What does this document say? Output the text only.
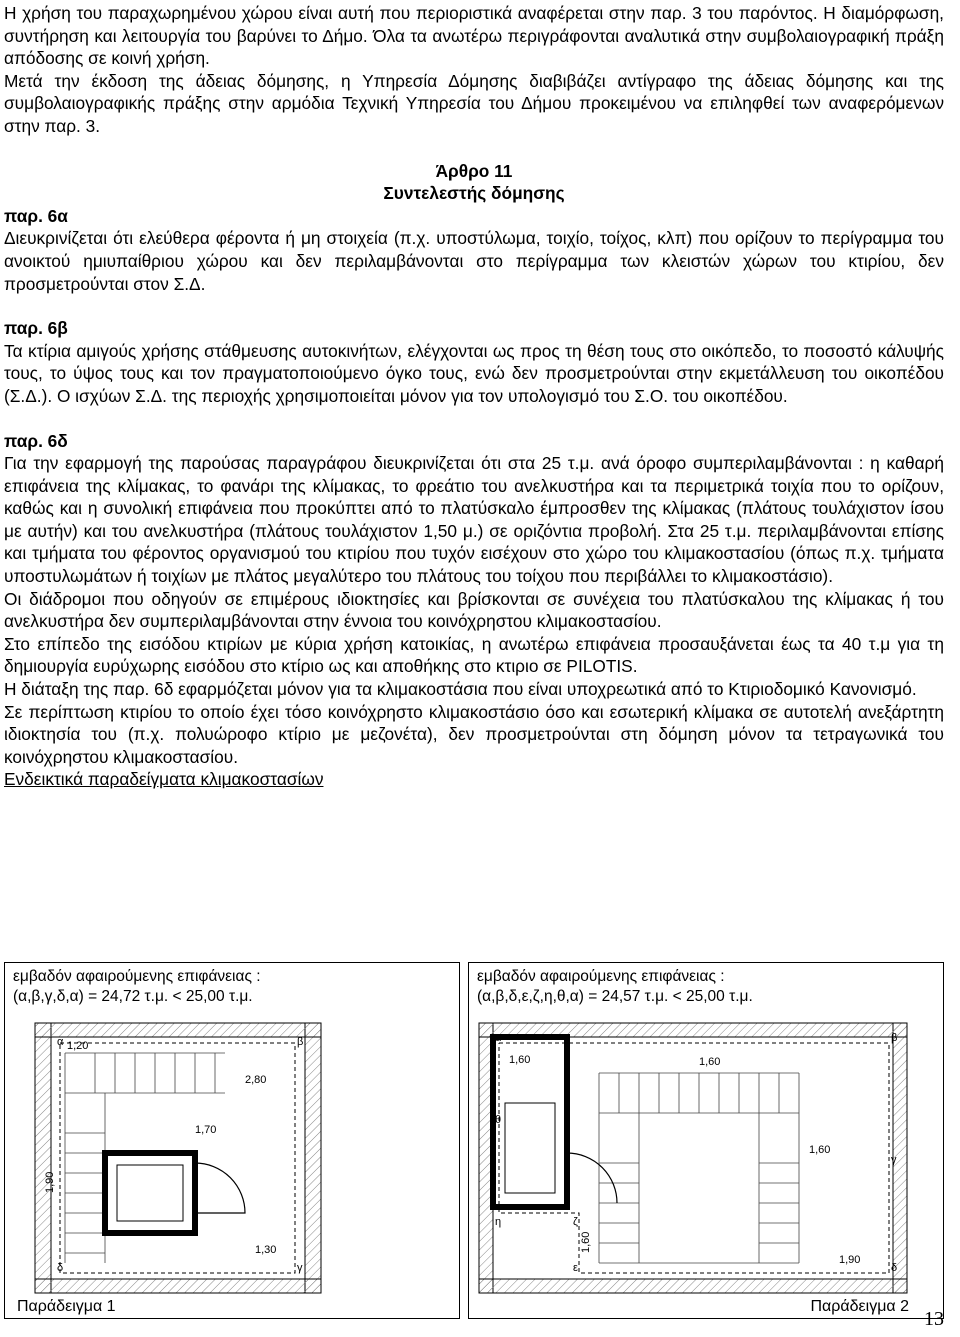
Η χρήση του παραχωρημένου χώρου είναι αυτή που περιοριστικά αναφέρεται στην παρ. 3 του παρόντος. Η διαμόρφωση, συντήρηση και λειτουργία του βαρύνει το Δήμο. Όλα τα ανωτέρω περιγράφονται αναλυτικά στην συμβολαιογραφική πράξη απόδοσης σε κοινή χρήση.

Μετά την έκδοση της άδειας δόμησης, η Υπηρεσία Δόμησης διαβιβάζει αντίγραφο της άδειας δόμησης και της συμβολαιογραφικής πράξης στην αρμόδια Τεχνική Υπηρεσία του Δήμου προκειμένου να επιληφθεί των αναφερόμενων στην παρ. 3.

Άρθρο 11
Συντελεστής δόμησης

παρ. 6α

Διευκρινίζεται ότι ελεύθερα φέροντα ή μη στοιχεία (π.χ. υποστύλωμα, τοιχίο, τοίχος, κλπ) που ορίζουν το περίγραμμα του ανοικτού ημιυπαίθριου χώρου και δεν περιλαμβάνονται στο περίγραμμα των κλειστών χώρων του κτιρίου, δεν προσμετρούνται στον Σ.Δ.

παρ. 6β

Τα κτίρια αμιγούς χρήσης στάθμευσης αυτοκινήτων, ελέγχονται ως προς τη θέση τους στο οικόπεδο, το ποσοστό κάλυψής τους, το ύψος τους και τον πραγματοποιούμενο όγκο τους, ενώ δεν προσμετρούνται στην εκμετάλλευση του οικοπέδου (Σ.Δ.). Ο ισχύων Σ.Δ. της περιοχής χρησιμοποιείται μόνον για τον υπολογισμό του Σ.Ο. του οικοπέδου.

παρ. 6δ

Για την εφαρμογή της παρούσας παραγράφου διευκρινίζεται ότι στα 25 τ.μ. ανά όροφο συμπεριλαμβάνονται : η καθαρή επιφάνεια της κλίμακας, το φανάρι της κλίμακας, το φρεάτιο του ανελκυστήρα και τα περιμετρικά τοιχία που το ορίζουν, καθώς και η συνολική επιφάνεια που προκύπτει από το πλατύσκαλο έμπροσθεν της κλίμακας (πλάτους τουλάχιστον ίσου με αυτήν) και του ανελκυστήρα (πλάτους τουλάχιστον 1,50 μ.) σε οριζόντια προβολή. Στα 25 τ.μ. περιλαμβάνονται επίσης και τμήματα του φέροντος οργανισμού του κτιρίου που τυχόν εισέχουν στο χώρο του κλιμακοστασίου (όπως π.χ. τμήματα υποστυλωμάτων ή τοιχίων με πλάτος μεγαλύτερο του πλάτους του τοίχου που περιβάλλει το κλιμακοστάσιο).

Οι διάδρομοι που οδηγούν σε επιμέρους ιδιοκτησίες και βρίσκονται σε συνέχεια του πλατύσκαλου της κλίμακας ή του ανελκυστήρα δεν συμπεριλαμβάνονται στην έννοια του κοινόχρηστου κλιμακοστασίου.

Στο επίπεδο της εισόδου κτιρίων με κύρια χρήση κατοικίας, η ανωτέρω επιφάνεια προσαυξάνεται έως τα 40 τ.μ για τη δημιουργία ευρύχωρης εισόδου στο κτίριο ως και αποθήκης στο κτιριο σε PILOTIS.

Η διάταξη της παρ. 6δ εφαρμόζεται μόνον για τα κλιμακοστάσια που είναι υποχρεωτικά από το Κτιριοδομικό Κανονισμό.

Σε περίπτωση κτιρίου το οποίο έχει τόσο κοινόχρηστο κλιμακοστάσιο όσο και εσωτερική κλίμακα σε αυτοτελή ανεξάρτητη ιδιοκτησία του (π.χ. πολυώροφο κτίριο με μεζονέτα), δεν προσμετρούνται στη δόμηση μόνον τα τετραγωνικά του κοινόχρηστου κλιμακοστασίου.

Ενδεικτικά παραδείγματα κλιμακοστασίων

εμβαδόν αφαιρούμενης επιφάνειας :
(α,β,γ,δ,α) = 24,72 τ.μ. < 25,00 τ.μ.
1,20
2,80
1,70
1,90
1,30
α	β
γ
δ
Παράδειγμα 1
εμβαδόν αφαιρούμενης επιφάνειας :
(α,β,δ,ε,ζ,η,θ,α) = 24,57 τ.μ. < 25,00 τ.μ.
1,60	1,60
1,60
1,60
1,90
α	β
γ
δ
ε
ζ
η
θ
Παράδειγμα 2
13
